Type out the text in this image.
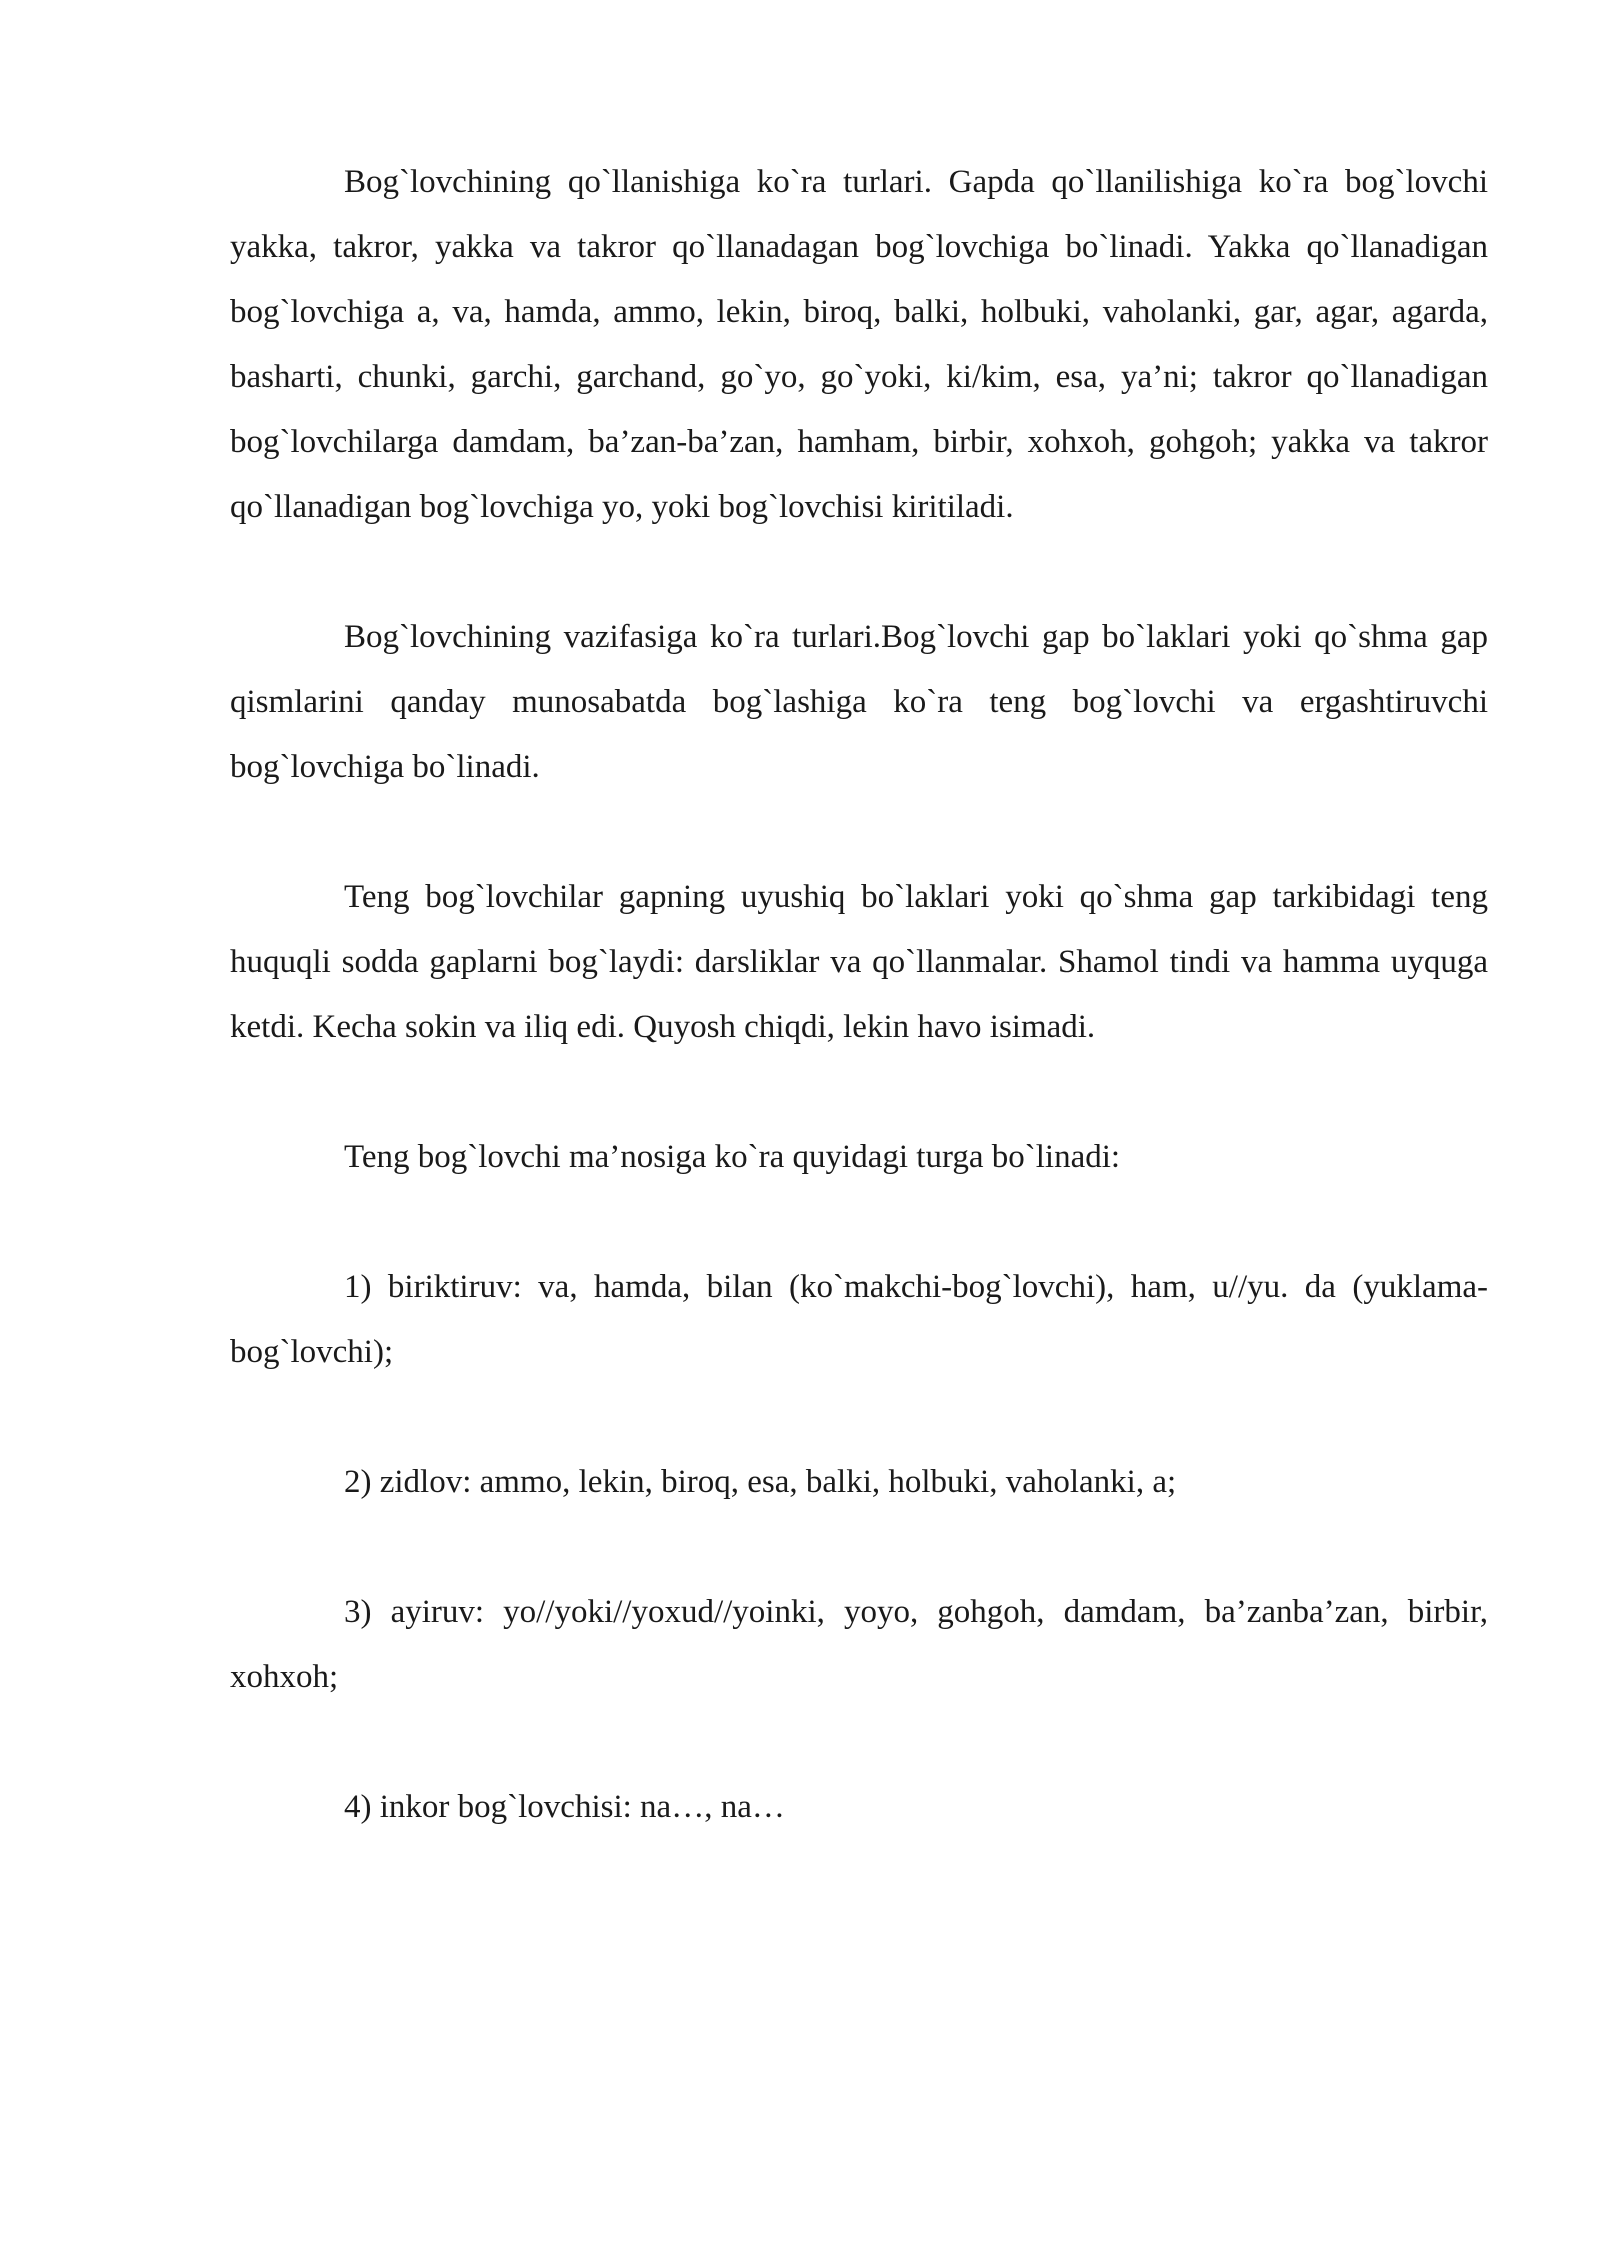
Bog`lovchining qo`llanishiga ko`ra turlari. Gapda qo`llanilishiga ko`ra bog`lovchi yakka, takror, yakka va takror qo`llanadagan bog`lovchiga bo`linadi. Yakka qo`llanadigan bog`lovchiga a, va, hamda, ammo, lekin, biroq, balki, holbuki, vaholanki, gar, agar, agarda, basharti, chunki, garchi, garchand, go`yo, go`yoki, ki/kim, esa, ya’ni; takror qo`llanadigan bog`lovchilarga damdam, ba’zan-ba’zan, hamham, birbir, xohxoh, gohgoh; yakka va takror qo`llanadigan bog`lovchiga yo, yoki bog`lovchisi kiritiladi.

Bog`lovchining vazifasiga ko`ra turlari.Bog`lovchi gap bo`laklari yoki qo`shma gap qismlarini qanday munosabatda bog`lashiga ko`ra teng bog`lovchi va ergashtiruvchi bog`lovchiga bo`linadi.

Teng bog`lovchilar gapning uyushiq bo`laklari yoki qo`shma gap tarkibidagi teng huquqli sodda gaplarni bog`laydi: darsliklar va qo`llanmalar. Shamol tindi va hamma uyquga ketdi. Kecha sokin va iliq edi. Quyosh chiqdi, lekin havo isimadi.

Teng bog`lovchi ma’nosiga ko`ra quyidagi turga bo`linadi:

1) biriktiruv: va, hamda, bilan (ko`makchi-bog`lovchi), ham, u//yu. da (yuklama-bog`lovchi);

2) zidlov: ammo, lekin, biroq, esa, balki, holbuki, vaholanki, a;

3) ayiruv: yo//yoki//yoxud//yoinki, yoyo, gohgoh, damdam, ba’zanba’zan, birbir, xohxoh;

4) inkor bog`lovchisi: na…, na…
